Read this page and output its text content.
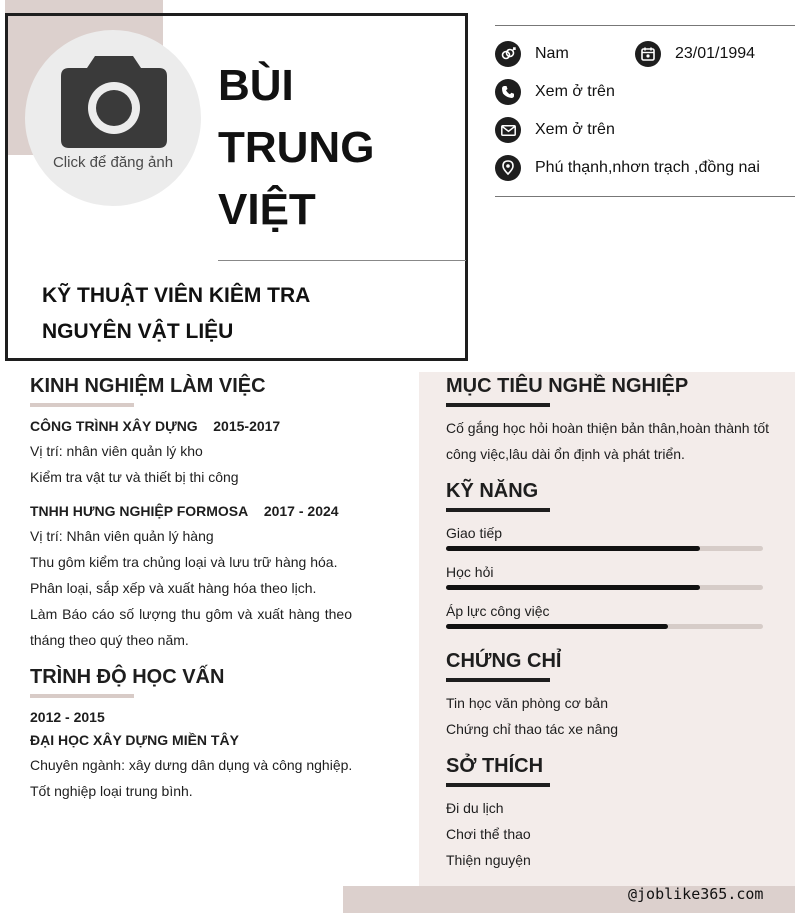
Click để đăng ảnh
BÙI
TRUNG
VIỆT
KỸ THUẬT VIÊN KIÊM TRA
NGUYÊN VẬT LIỆU
Nam	23/01/1994
Xem ở trên
Xem ở trên
Phú thạnh,nhơn trạch ,đồng nai
KINH NGHIỆM LÀM VIỆC
CÔNG TRÌNH XÂY DỰNG 2015-2017
Vị trí: nhân viên quản lý kho
Kiểm tra vật tư và thiết bị thi công
TNHH HƯNG NGHIỆP FORMOSA 2017 - 2024
Vị trí: Nhân viên quản lý hàng
Thu gôm kiểm tra chủng loại và lưu trữ hàng hóa.
Phân loại, sắp xếp và xuất hàng hóa theo lịch.
Làm Báo cáo số lượng thu gôm và xuất hàng theo
tháng theo quý theo năm.
TRÌNH ĐỘ HỌC VẤN
2012 - 2015
ĐẠI HỌC XÂY DỰNG MIỀN TÂY
Chuyên ngành: xây dưng dân dụng và công nghiệp.
Tốt nghiệp loại trung bình.
MỤC TIÊU NGHỀ NGHIỆP
Cố gắng học hỏi hoàn thiện bản thân,hoàn thành tốt
công việc,lâu dài ổn định và phát triển.
KỸ NĂNG
Giao tiếp
Học hỏi
Áp lực công việc
CHỨNG CHỈ
Tin học văn phòng cơ bản
Chứng chỉ thao tác xe nâng
SỞ THÍCH
Đi du lịch
Chơi thể thao
Thiện nguyện
@joblike365.com
